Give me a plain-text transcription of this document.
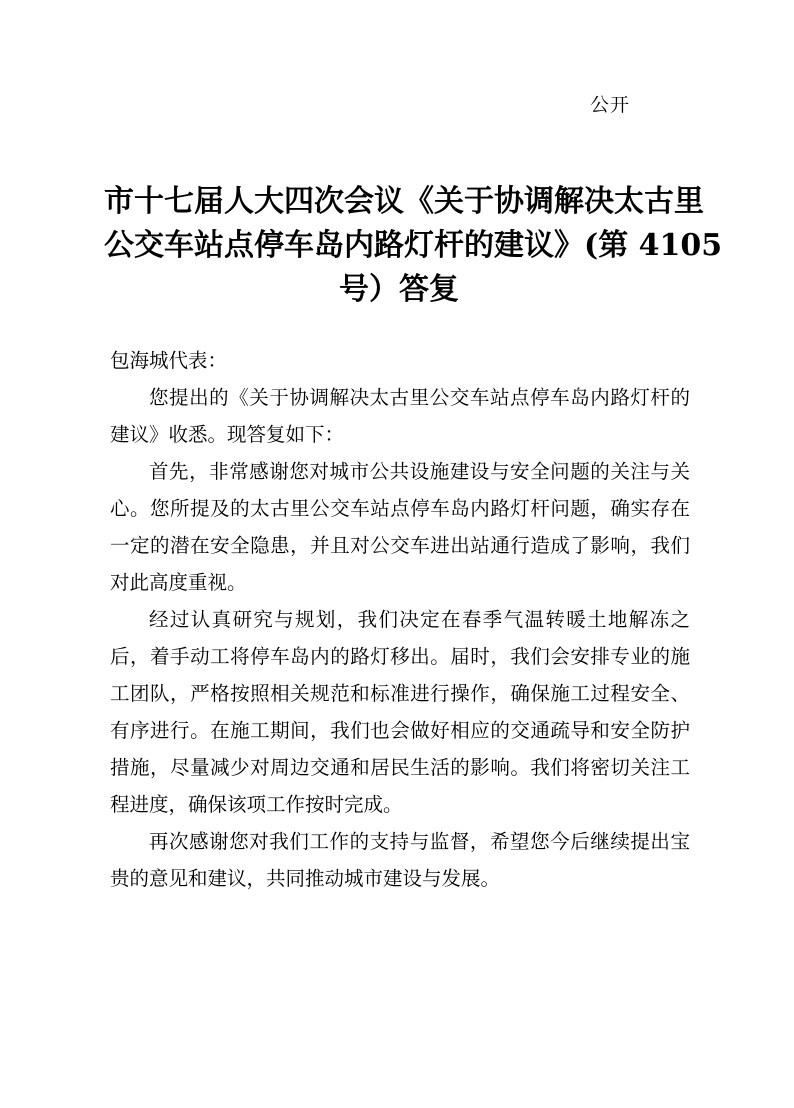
公开
市十七届人大四次会议《关于协调解决太古里
公交车站点停车岛内路灯杆的建议》(第 4105
号）答复

包海城代表：

您提出的《关于协调解决太古里公交车站点停车岛内路灯杆的建议》收悉。现答复如下：

首先，非常感谢您对城市公共设施建设与安全问题的关注与关心。您所提及的太古里公交车站点停车岛内路灯杆问题，确实存在一定的潜在安全隐患，并且对公交车进出站通行造成了影响，我们对此高度重视。

经过认真研究与规划，我们决定在春季气温转暖土地解冻之后，着手动工将停车岛内的路灯移出。届时，我们会安排专业的施工团队，严格按照相关规范和标准进行操作，确保施工过程安全、有序进行。在施工期间，我们也会做好相应的交通疏导和安全防护措施，尽量减少对周边交通和居民生活的影响。我们将密切关注工程进度，确保该项工作按时完成。

再次感谢您对我们工作的支持与监督，希望您今后继续提出宝贵的意见和建议，共同推动城市建设与发展。
